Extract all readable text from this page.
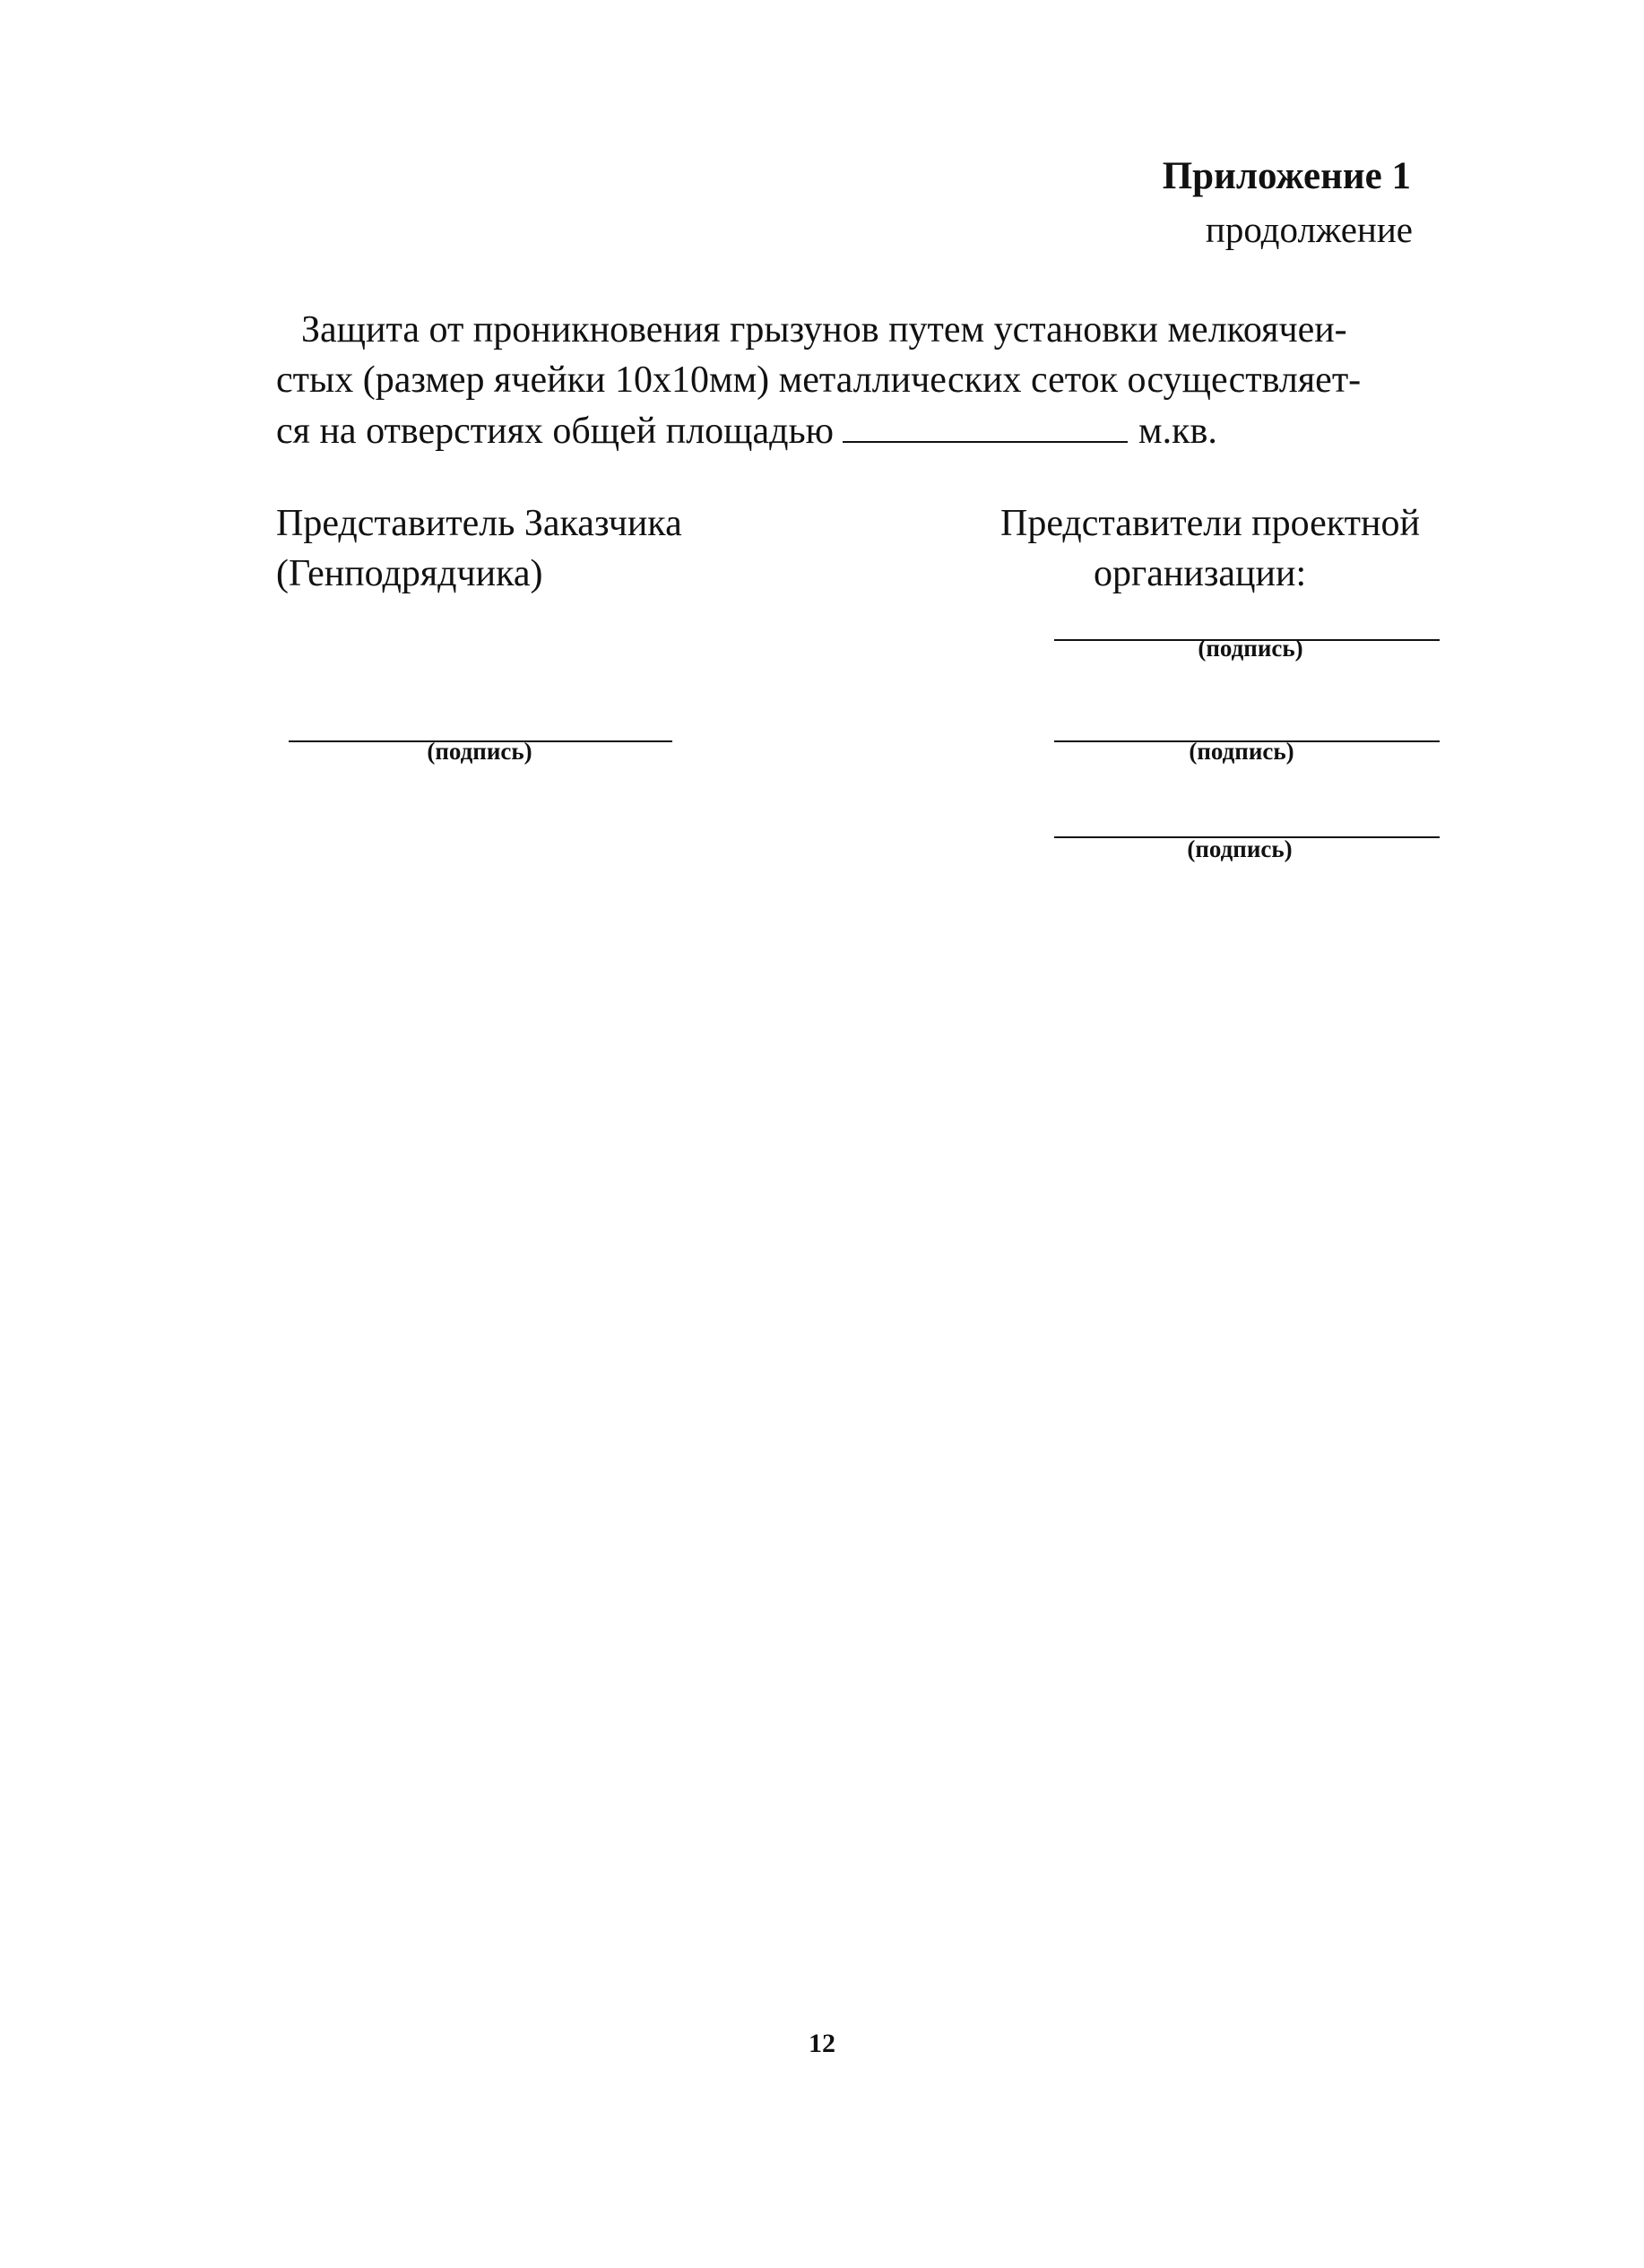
Приложение 1
продолжение
Защита от проникновения грызунов путем установки мелкоячеи-
стых (размер ячейки 10х10мм) металлических сеток осуществляет-
ся на отверстиях общей площадью	м.кв.
Представитель Заказчика
(Генподрядчика)
Представители проектной
организации:
(подпись)
(подпись)	(подпись)
(подпись)
12
